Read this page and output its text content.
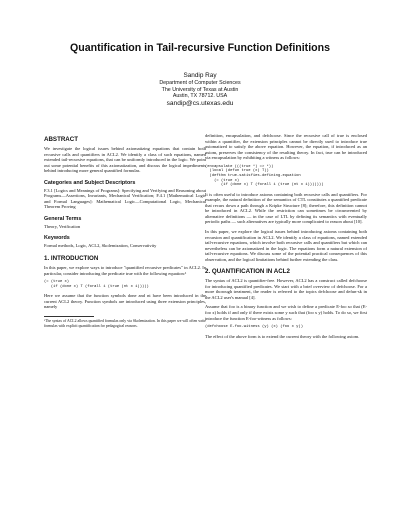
Quantification in Tail-recursive Function Definitions
Sandip Ray
Department of Computer Sciences
The University of Texas at Austin
Austin, TX 78712. USA
sandip@cs.utexas.edu
ABSTRACT

We investigate the logical issues behind axiomatizing equations that contain both recursive calls and quantifiers in ACL2. We identify a class of such equations, named extended tail-recursive equations, that can be uniformly introduced in the logic. We point out some potential benefits of this axiomatization, and discuss the logical impediments behind introducing more general quantified formulas.

Categories and Subject Descriptors

F.3.1 [Logics and Meanings of Programs]: Specifying and Verifying and Reasoning about Programs—Assertions, Invariants, Mechanical Verification; F.4.1 [Mathematical Logic and Formal Languages]: Mathematical Logic—Computational Logic, Mechanical Theorem Proving

General Terms

Theory, Verification

Keywords

Formal methods, Logic, ACL2, Skolemization, Conservativity

1. INTRODUCTION

In this paper, we explore ways to introduce "quantified recursive predicates" in ACL2. In particular, consider introducing the predicate true with the following equation:¹

(= (true x)
(if (done x) T (forall i (true (nt x i)))))

Here we assume that the function symbols done and nt have been introduced in the current ACL2 theory. Function symbols are introduced using three extension principles, namely

¹The syntax of ACL2 allows quantified formulas only via Skolemization. In this paper we will often write formulas with explicit quantification for pedagogical reasons.

definition, encapsulation, and defchoose. Since the recursive call of true is enclosed within a quantifier, the extension principles cannot be directly used to introduce true axiomatized to satisfy the above equation. However, the equation, if introduced as an axiom, preserves the consistency of the resulting theory. In fact, true can be introduced via encapsulation by exhibiting a witness as follows:

(encapsulate (((true *) => *))
(local (defun true (x) T))
(defthm true-satisfies-defining-equation
(= (true x)
(if (done x) T (forall i (true (nt x i)))))))

It is often useful to introduce axioms containing both recursive calls and quantifiers. For example, the natural definition of the semantics of CTL constitutes a quantified predicate that recurs down a path through a Kripke Structure [8]; therefore, this definition cannot be introduced in ACL2. While the restriction can sometimes be circumvented by alternative definitions — in the case of LTL by defining its semantics with eventually periodic paths — such alternatives are typically more complicated to reason about [10].

In this paper, we explore the logical issues behind introducing axioms containing both recursion and quantification in ACL2. We identify a class of equations, named extended tail-recursive equations, which involve both recursive calls and quantifiers but which can nevertheless can be axiomatized in the logic. The equations form a natural extension of tail-recursive equations. We discuss some of the potential practical consequences of this observation, and the logical limitations behind further extending the class.

2. QUANTIFICATION IN ACL2

The syntax of ACL2 is quantifier-free. However, ACL2 has a construct called defchoose for introducing quantified predicates. We start with a brief overview of defchoose. For a more thorough treatment, the reader is referred to the topics defchoose and defun-sk in the ACL2 user's manual [4].

Assume that foo is a binary function and we wish to define a predicate E-foo so that (E-foo x) holds if and only if there exists some y such that (foo x y) holds. To do so, we first introduce the function E-foo-witness as follows:

(defchoose E-foo-witness (y) (x) (foo x y))

The effect of the above form is to extend the current theory with the following axiom.
